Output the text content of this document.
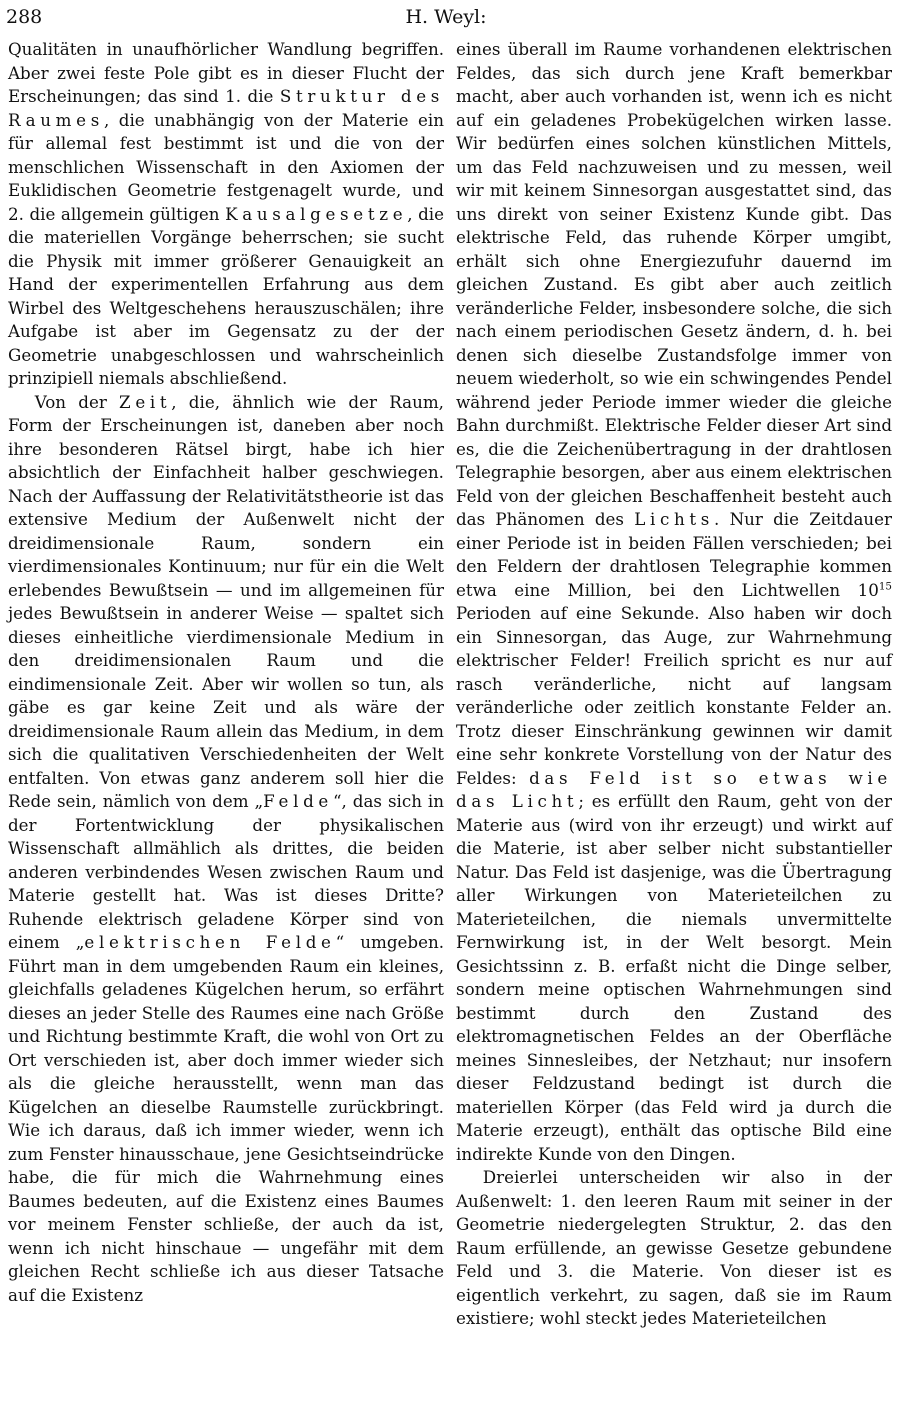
288	H. Weyl:

Qualitäten in unaufhörlicher Wandlung begriffen. Aber zwei feste Pole gibt es in dieser Flucht der Erscheinungen; das sind 1. die Struktur des Raumes, die unabhängig von der Materie ein für allemal fest bestimmt ist und die von der menschlichen Wissenschaft in den Axiomen der Euklidischen Geometrie festgenagelt wurde, und 2. die allgemein gültigen Kausalgesetze, die die materiellen Vorgänge beherrschen; sie sucht die Physik mit immer größerer Genauigkeit an Hand der experimentellen Erfahrung aus dem Wirbel des Weltgeschehens herauszuschälen; ihre Aufgabe ist aber im Gegensatz zu der der Geometrie unabgeschlossen und wahrscheinlich prinzipiell niemals abschließend.

Von der Zeit, die, ähnlich wie der Raum, Form der Erscheinungen ist, daneben aber noch ihre besonderen Rätsel birgt, habe ich hier absichtlich der Einfachheit halber geschwiegen. Nach der Auffassung der Relativitätstheorie ist das extensive Medium der Außenwelt nicht der dreidimensionale Raum, sondern ein vierdimensionales Kontinuum; nur für ein die Welt erlebendes Bewußtsein — und im allgemeinen für jedes Bewußtsein in anderer Weise — spaltet sich dieses einheitliche vierdimensionale Medium in den dreidimensionalen Raum und die eindimensionale Zeit. Aber wir wollen so tun, als gäbe es gar keine Zeit und als wäre der dreidimensionale Raum allein das Medium, in dem sich die qualitativen Verschiedenheiten der Welt entfalten. Von etwas ganz anderem soll hier die Rede sein, nämlich von dem „Felde“, das sich in der Fortentwicklung der physikalischen Wissenschaft allmählich als drittes, die beiden anderen verbindendes Wesen zwischen Raum und Materie gestellt hat. Was ist dieses Dritte? Ruhende elektrisch geladene Körper sind von einem „elektrischen Felde“ umgeben. Führt man in dem umgebenden Raum ein kleines, gleichfalls geladenes Kügelchen herum, so erfährt dieses an jeder Stelle des Raumes eine nach Größe und Richtung bestimmte Kraft, die wohl von Ort zu Ort verschieden ist, aber doch immer wieder sich als die gleiche herausstellt, wenn man das Kügelchen an dieselbe Raumstelle zurückbringt. Wie ich daraus, daß ich immer wieder, wenn ich zum Fenster hinausschaue, jene Gesichtseindrücke habe, die für mich die Wahrnehmung eines Baumes bedeuten, auf die Existenz eines Baumes vor meinem Fenster schließe, der auch da ist, wenn ich nicht hinschaue — ungefähr mit dem gleichen Recht schließe ich aus dieser Tatsache auf die Existenz

eines überall im Raume vorhandenen elektrischen Feldes, das sich durch jene Kraft bemerkbar macht, aber auch vorhanden ist, wenn ich es nicht auf ein geladenes Probekügelchen wirken lasse. Wir bedürfen eines solchen künstlichen Mittels, um das Feld nachzuweisen und zu messen, weil wir mit keinem Sinnesorgan ausgestattet sind, das uns direkt von seiner Existenz Kunde gibt. Das elektrische Feld, das ruhende Körper umgibt, erhält sich ohne Energiezufuhr dauernd im gleichen Zustand. Es gibt aber auch zeitlich veränderliche Felder, insbesondere solche, die sich nach einem periodischen Gesetz ändern, d. h. bei denen sich dieselbe Zustandsfolge immer von neuem wiederholt, so wie ein schwingendes Pendel während jeder Periode immer wieder die gleiche Bahn durchmißt. Elektrische Felder dieser Art sind es, die die Zeichenübertragung in der drahtlosen Telegraphie besorgen, aber aus einem elektrischen Feld von der gleichen Beschaffenheit besteht auch das Phänomen des Lichts. Nur die Zeitdauer einer Periode ist in beiden Fällen verschieden; bei den Feldern der drahtlosen Telegraphie kommen etwa eine Million, bei den Lichtwellen $10^{15}$ Perioden auf eine Sekunde. Also haben wir doch ein Sinnesorgan, das Auge, zur Wahrnehmung elektrischer Felder! Freilich spricht es nur auf rasch veränderliche, nicht auf langsam veränderliche oder zeitlich konstante Felder an. Trotz dieser Einschränkung gewinnen wir damit eine sehr konkrete Vorstellung von der Natur des Feldes: das Feld ist so etwas wie das Licht; es erfüllt den Raum, geht von der Materie aus (wird von ihr erzeugt) und wirkt auf die Materie, ist aber selber nicht substantieller Natur. Das Feld ist dasjenige, was die Übertragung aller Wirkungen von Materieteilchen zu Materieteilchen, die niemals unvermittelte Fernwirkung ist, in der Welt besorgt. Mein Gesichtssinn z. B. erfaßt nicht die Dinge selber, sondern meine optischen Wahrnehmungen sind bestimmt durch den Zustand des elektromagnetischen Feldes an der Oberfläche meines Sinnesleibes, der Netzhaut; nur insofern dieser Feldzustand bedingt ist durch die materiellen Körper (das Feld wird ja durch die Materie erzeugt), enthält das optische Bild eine indirekte Kunde von den Dingen.

Dreierlei unterscheiden wir also in der Außenwelt: 1. den leeren Raum mit seiner in der Geometrie niedergelegten Struktur, 2. das den Raum erfüllende, an gewisse Gesetze gebundene Feld und 3. die Materie. Von dieser ist es eigentlich verkehrt, zu sagen, daß sie im Raum existiere; wohl steckt jedes Materieteilchen
